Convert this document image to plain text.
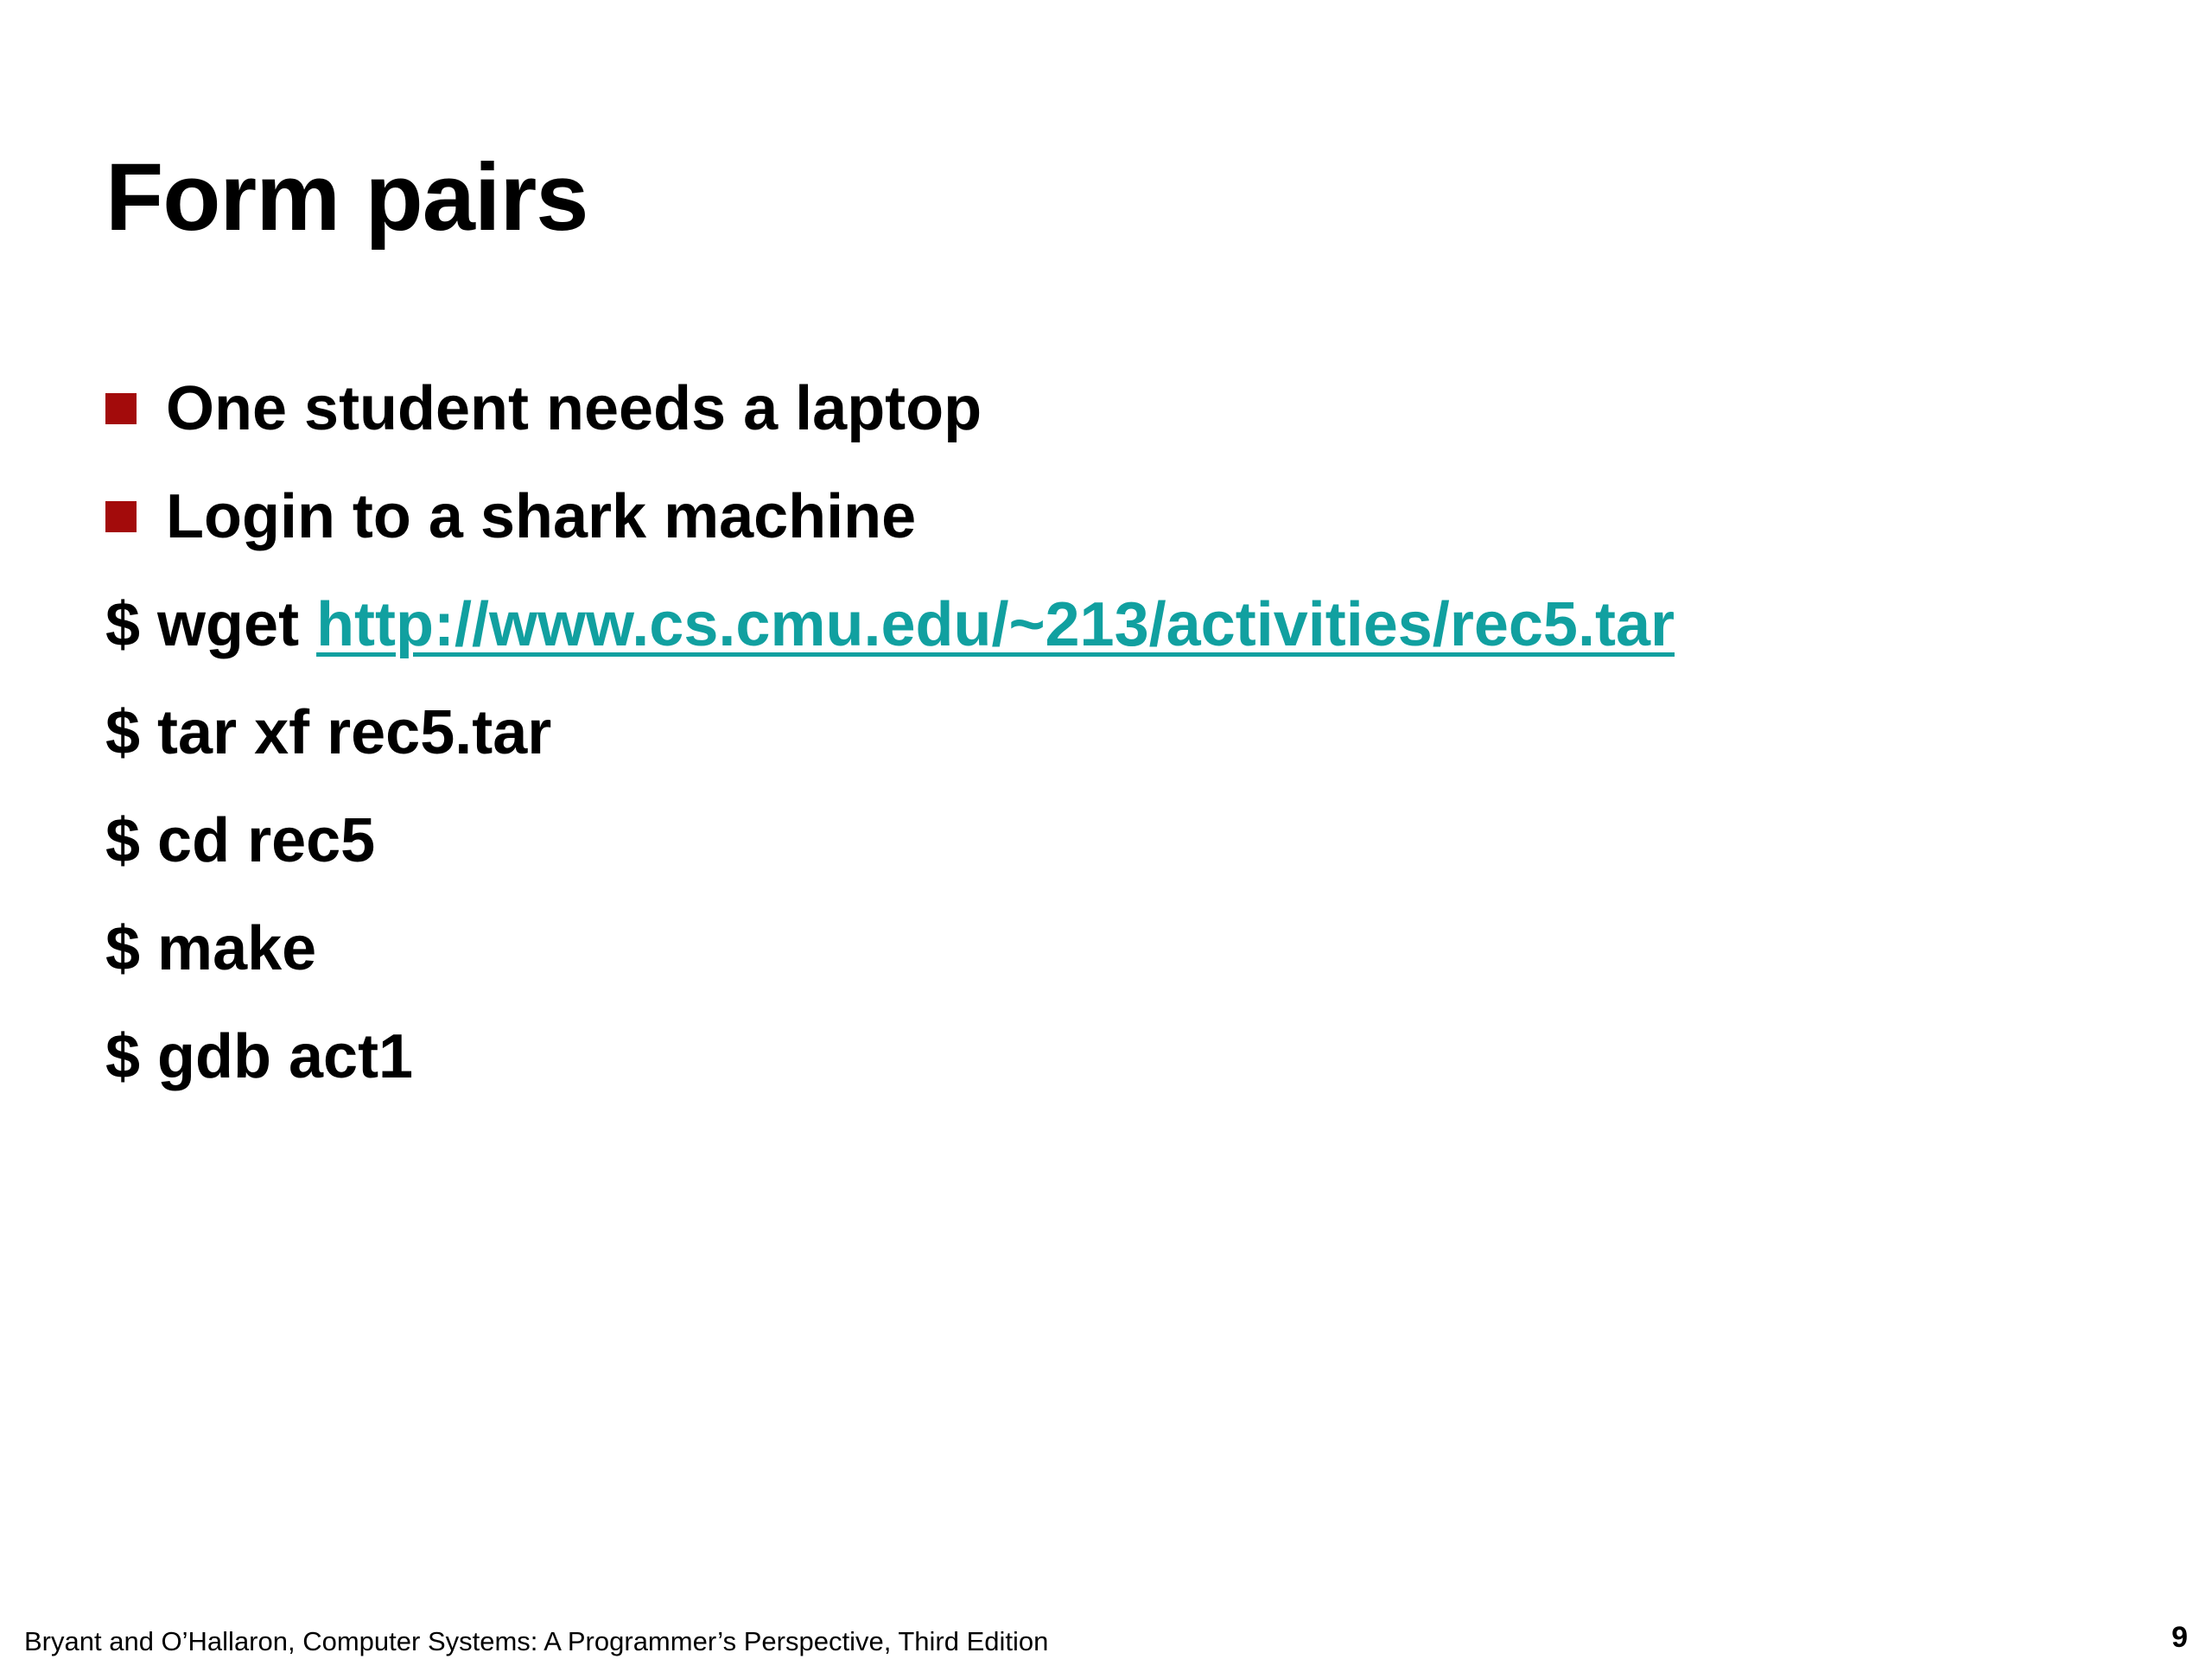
Form pairs
One student needs a laptop
Login to a shark machine
$ wget http://www.cs.cmu.edu/~213/activities/rec5.tar
$ tar xf rec5.tar
$ cd rec5
$ make
$ gdb act1
Bryant and O’Hallaron, Computer Systems: A Programmer’s Perspective, Third Edition	9
